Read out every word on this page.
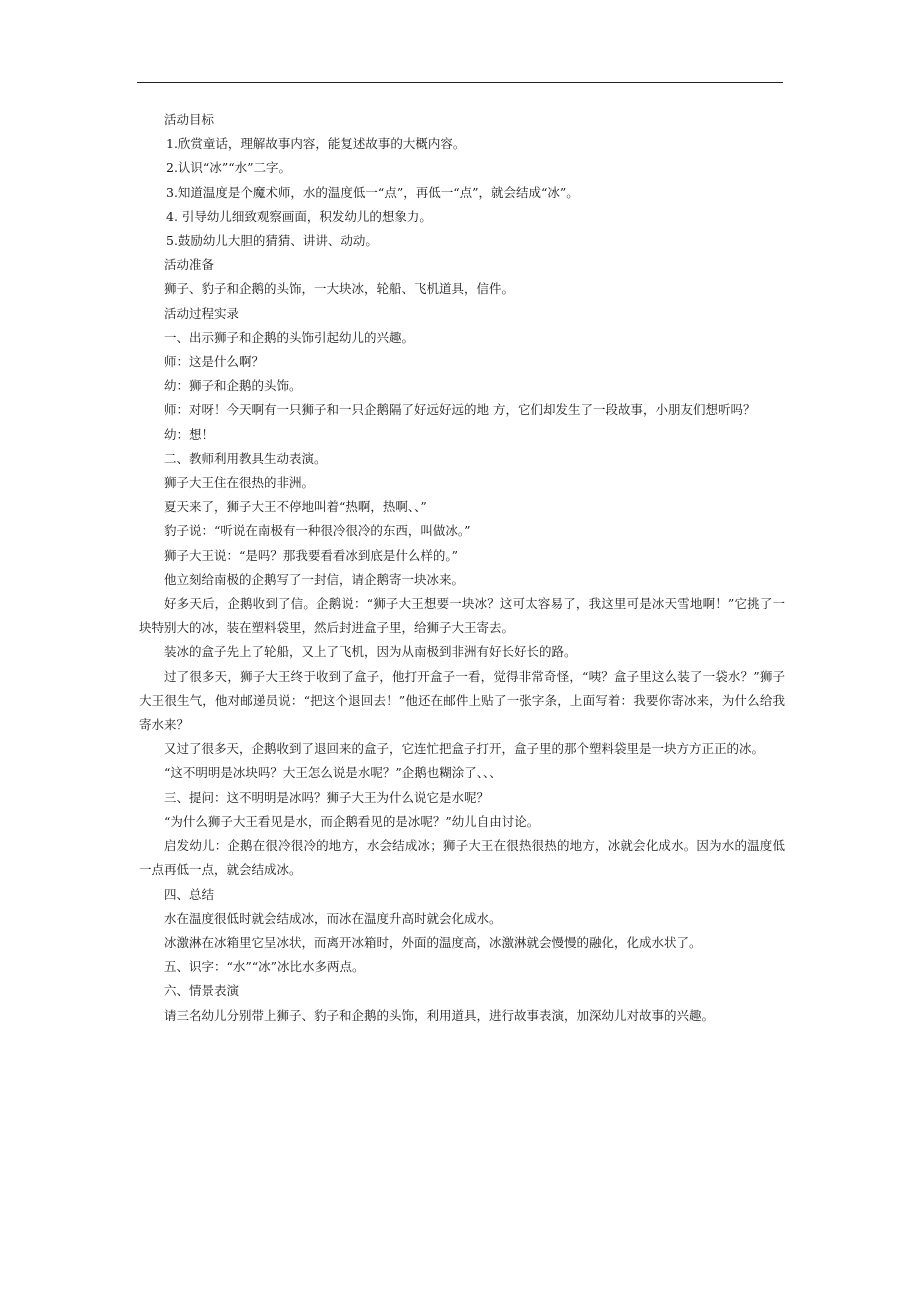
活动目标

1.欣赏童话，理解故事内容，能复述故事的大概内容。

2.认识“冰”“水”二字。

3.知道温度是个魔术师，水的温度低一“点”，再低一“点”，就会结成“冰”。

4. 引导幼儿细致观察画面，积发幼儿的想象力。

5.鼓励幼儿大胆的猜猜、讲讲、动动。

活动准备

狮子、豹子和企鹅的头饰，一大块冰，轮船、飞机道具，信件。

活动过程实录

一、出示狮子和企鹅的头饰引起幼儿的兴趣。

师：这是什么啊？

幼：狮子和企鹅的头饰。

师：对呀！今天啊有一只狮子和一只企鹅隔了好远好远的地 方，它们却发生了一段故事，小朋友们想听吗？

幼：想！

二、教师利用教具生动表演。

狮子大王住在很热的非洲。

夏天来了，狮子大王不停地叫着“热啊，热啊、、”

豹子说：“听说在南极有一种很冷很冷的东西，叫做冰。”

狮子大王说：“是吗？那我要看看冰到底是什么样的。”

他立刻给南极的企鹅写了一封信，请企鹅寄一块冰来。

好多天后，企鹅收到了信。企鹅说：“狮子大王想要一块冰？这可太容易了，我这里可是冰天雪地啊！”它挑了一块特别大的冰，装在塑料袋里，然后封进盒子里，给狮子大王寄去。

装冰的盒子先上了轮船，又上了飞机，因为从南极到非洲有好长好长的路。

过了很多天，狮子大王终于收到了盒子，他打开盒子一看，觉得非常奇怪，“咦？盒子里这么装了一袋水？”狮子大王很生气，他对邮递员说：“把这个退回去！”他还在邮件上贴了一张字条，上面写着：我要你寄冰来，为什么给我寄水来？

又过了很多天，企鹅收到了退回来的盒子，它连忙把盒子打开，盒子里的那个塑料袋里是一块方方正正的冰。

“这不明明是冰块吗？大王怎么说是水呢？”企鹅也糊涂了、、、

三、提问：这不明明是冰吗？狮子大王为什么说它是水呢？

“为什么狮子大王看见是水，而企鹅看见的是冰呢？”幼儿自由讨论。

启发幼儿：企鹅在很冷很冷的地方，水会结成冰；狮子大王在很热很热的地方，冰就会化成水。因为水的温度低一点再低一点，就会结成冰。

四、总结

水在温度很低时就会结成冰，而冰在温度升高时就会化成水。

冰激淋在冰箱里它呈冰状，而离开冰箱时，外面的温度高，冰激淋就会慢慢的融化，化成水状了。

五、识字：“水”“冰”冰比水多两点。

六、情景表演

请三名幼儿分别带上狮子、豹子和企鹅的头饰，利用道具，进行故事表演，加深幼儿对故事的兴趣。
